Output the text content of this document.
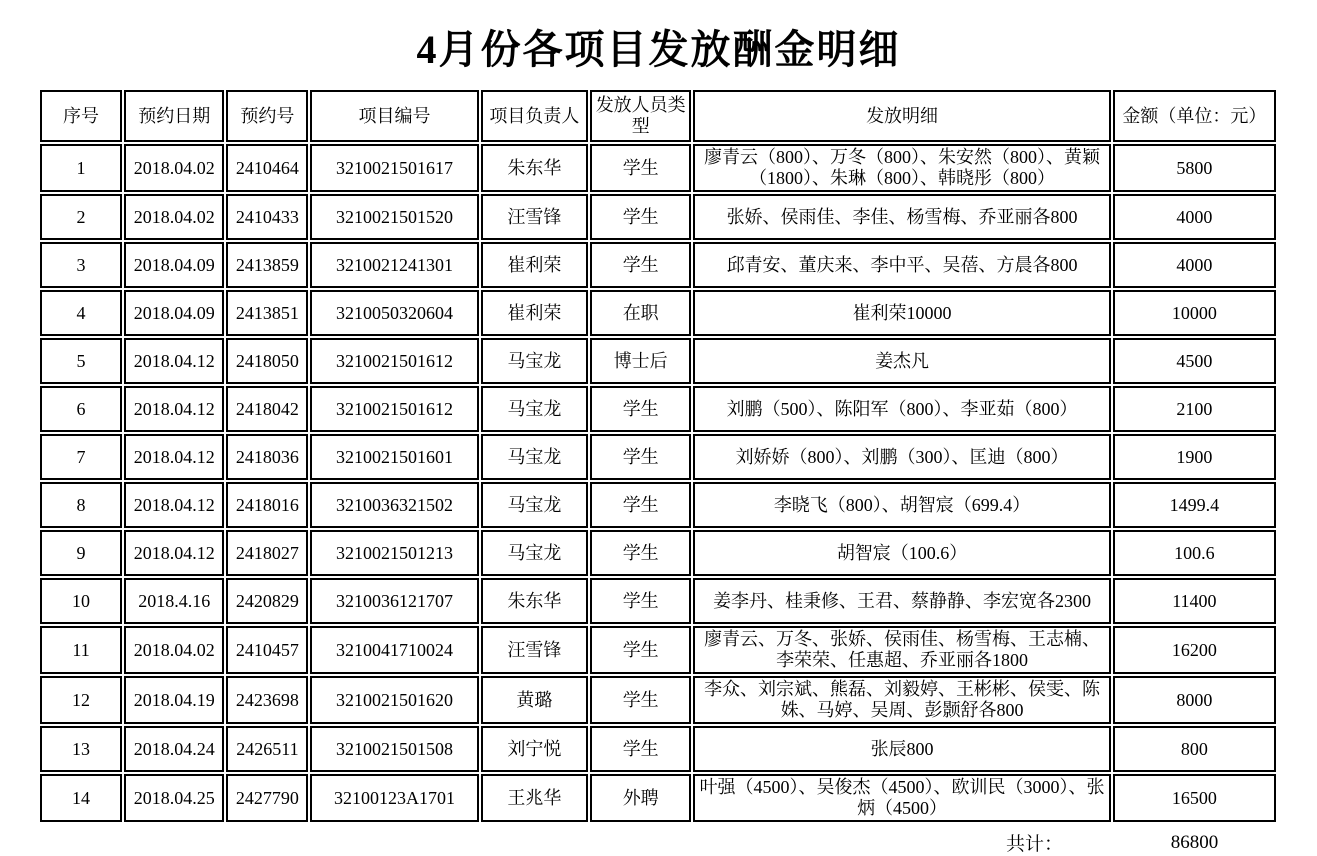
4月份各项目发放酬金明细
序号	预约日期	预约号	项目编号	项目负责人	发放人员类型	发放明细	金额（单位：元）
1	2018.04.02	2410464	3210021501617	朱东华	学生	廖青云（800）、万冬（800）、朱安然（800）、黄颖（1800）、朱琳（800）、韩晓彤（800）	5800
2	2018.04.02	2410433	3210021501520	汪雪锋	学生	张娇、侯雨佳、李佳、杨雪梅、乔亚丽各800	4000
3	2018.04.09	2413859	3210021241301	崔利荣	学生	邱青安、董庆来、李中平、吴蓓、方晨各800	4000
4	2018.04.09	2413851	3210050320604	崔利荣	在职	崔利荣10000	10000
5	2018.04.12	2418050	3210021501612	马宝龙	博士后	姜杰凡	4500
6	2018.04.12	2418042	3210021501612	马宝龙	学生	刘鹏（500）、陈阳军（800）、李亚茹（800）	2100
7	2018.04.12	2418036	3210021501601	马宝龙	学生	刘娇娇（800）、刘鹏（300）、匡迪（800）	1900
8	2018.04.12	2418016	3210036321502	马宝龙	学生	李晓飞（800）、胡智宸（699.4）	1499.4
9	2018.04.12	2418027	3210021501213	马宝龙	学生	胡智宸（100.6）	100.6
10	2018.4.16	2420829	3210036121707	朱东华	学生	姜李丹、桂秉修、王君、蔡静静、李宏宽各2300	11400
11	2018.04.02	2410457	3210041710024	汪雪锋	学生	廖青云、万冬、张娇、侯雨佳、杨雪梅、王志楠、李荣荣、任惠超、乔亚丽各1800	16200
12	2018.04.19	2423698	3210021501620	黄璐	学生	李众、刘宗斌、熊磊、刘毅婷、王彬彬、侯雯、陈姝、马婷、吴周、彭颢舒各800	8000
13	2018.04.24	2426511	3210021501508	刘宁悦	学生	张辰800	800
14	2018.04.25	2427790	32100123A1701	王兆华	外聘	叶强（4500）、吴俊杰（4500）、欧训民（3000）、张炳（4500）	16500
共计：	86800
